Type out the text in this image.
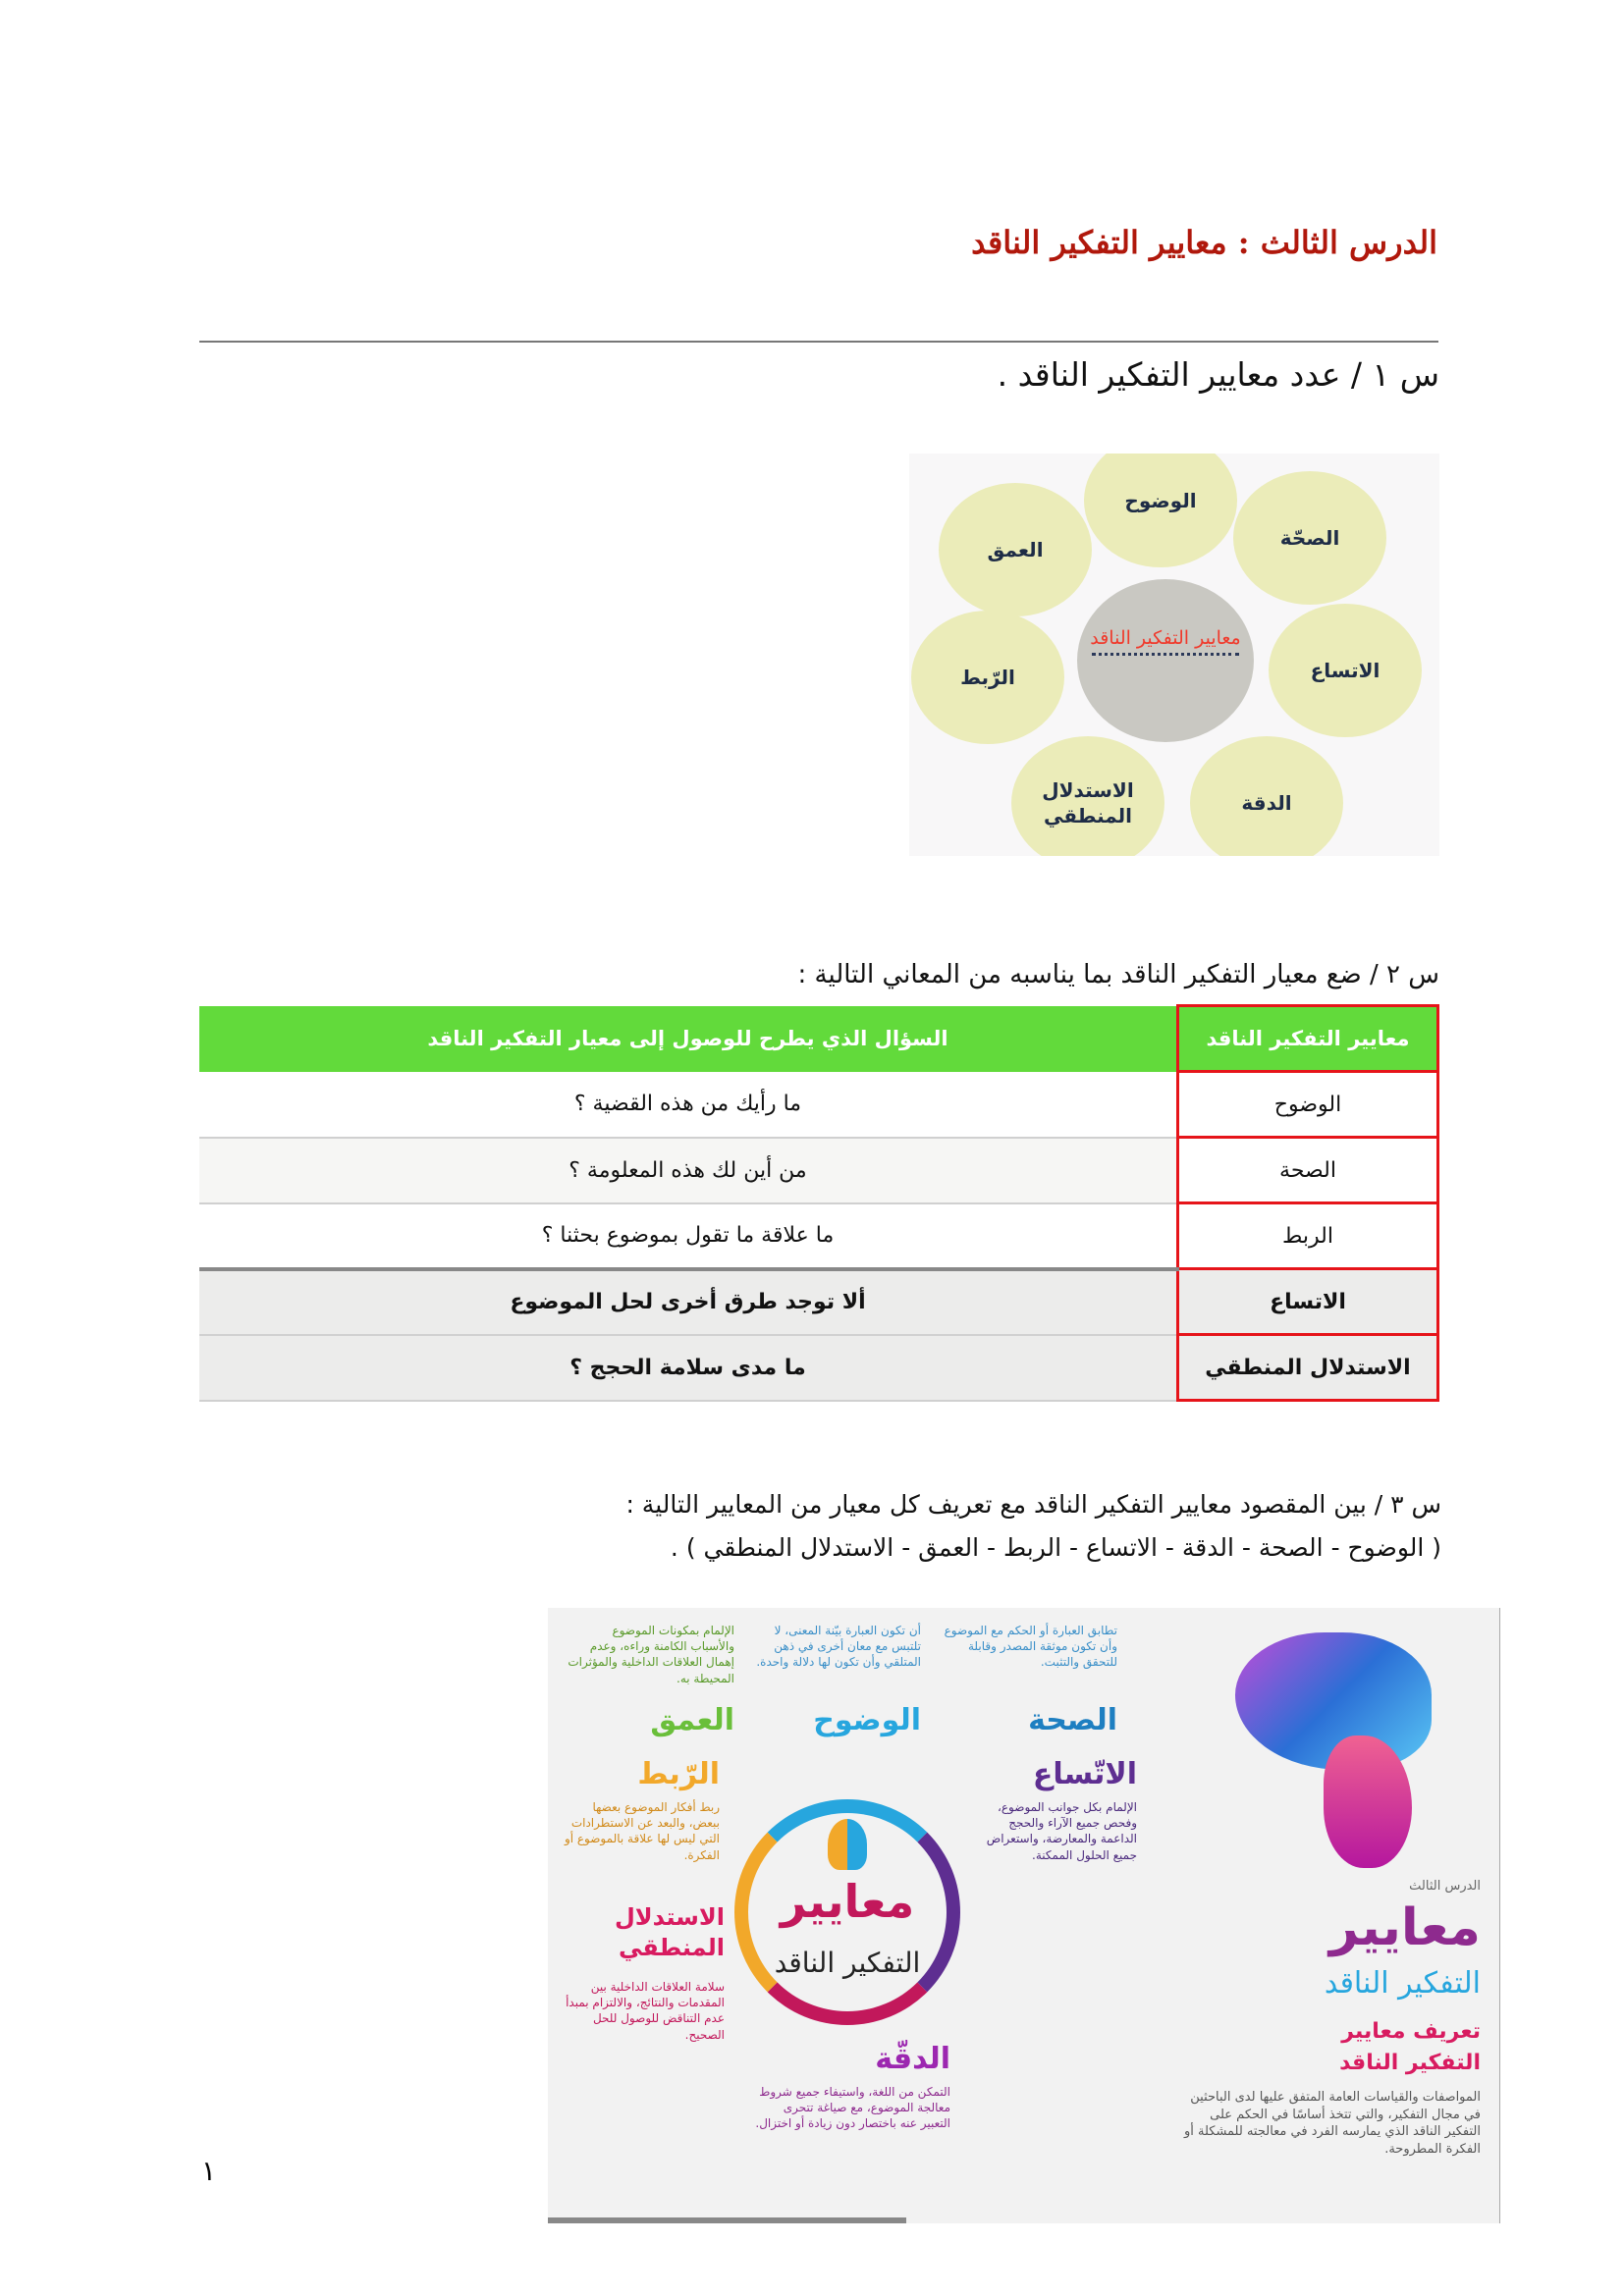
الدرس الثالث : معايير التفكير الناقد
س ١ / عدد معايير التفكير الناقد .
الوضوح
الصحّة
الاتساع
الدقة
الاستدلال المنطقي
الرّبط
العمق
معايير التفكير الناقد
س ٢ / ضع معيار التفكير الناقد بما يناسبه من المعاني التالية :
معايير التفكير الناقد	السؤال الذي يطرح للوصول إلى معيار التفكير الناقد
الوضوح	ما رأيك من هذه القضية ؟
الصحة	من أين لك هذه المعلومة ؟
الربط	ما علاقة ما تقول بموضوع بحثنا ؟
الاتساع	ألا توجد طرق أخرى لحل الموضوع
الاستدلال المنطقي	ما مدى سلامة الحجج ؟
س ٣ / بين المقصود معايير التفكير الناقد مع تعريف كل معيار من المعايير التالية :
( الوضوح - الصحة - الدقة - الاتساع - الربط - العمق - الاستدلال المنطقي ) .
معايير
التفكير الناقد
الإلمام بمكونات الموضوع والأسباب الكامنة وراءه، وعدم إهمال العلاقات الداخلية والمؤثرات المحيطة به.
العمق
أن تكون العبارة بيّنة المعنى، لا تلتبس مع معان أخرى في ذهن المتلقي وأن تكون لها دلالة واحدة.
الوضوح
تطابق العبارة أو الحكم مع الموضوع وأن تكون موثقة المصدر وقابلة للتحقق والتثبت.
الصحة
الرّبط
ربط أفكار الموضوع بعضها ببعض، والبعد عن الاستطرادات التي ليس لها علاقة بالموضوع أو الفكرة.
الاتّساع
الإلمام بكل جوانب الموضوع، وفحص جميع الآراء والحجج الداعمة والمعارضة، واستعراض جميع الحلول الممكنة.
الاستدلال المنطقي
سلامة العلاقات الداخلية بين المقدمات والنتائج، والالتزام بمبدأ عدم التناقض للوصول للحل الصحيح.
الدقّة
التمكن من اللغة، واستيفاء جميع شروط معالجة الموضوع، مع صياغة تتحرى التعبير عنه باختصار دون زيادة أو اختزال.
الدرس الثالث
معايير
التفكير الناقد
تعريف معايير
التفكير الناقد
المواصفات والقياسات العامة المتفق عليها لدى الباحثين في مجال التفكير، والتي تتخذ أساسًا في الحكم على التفكير الناقد الذي يمارسه الفرد في معالجته للمشكلة أو الفكرة المطروحة.
١
